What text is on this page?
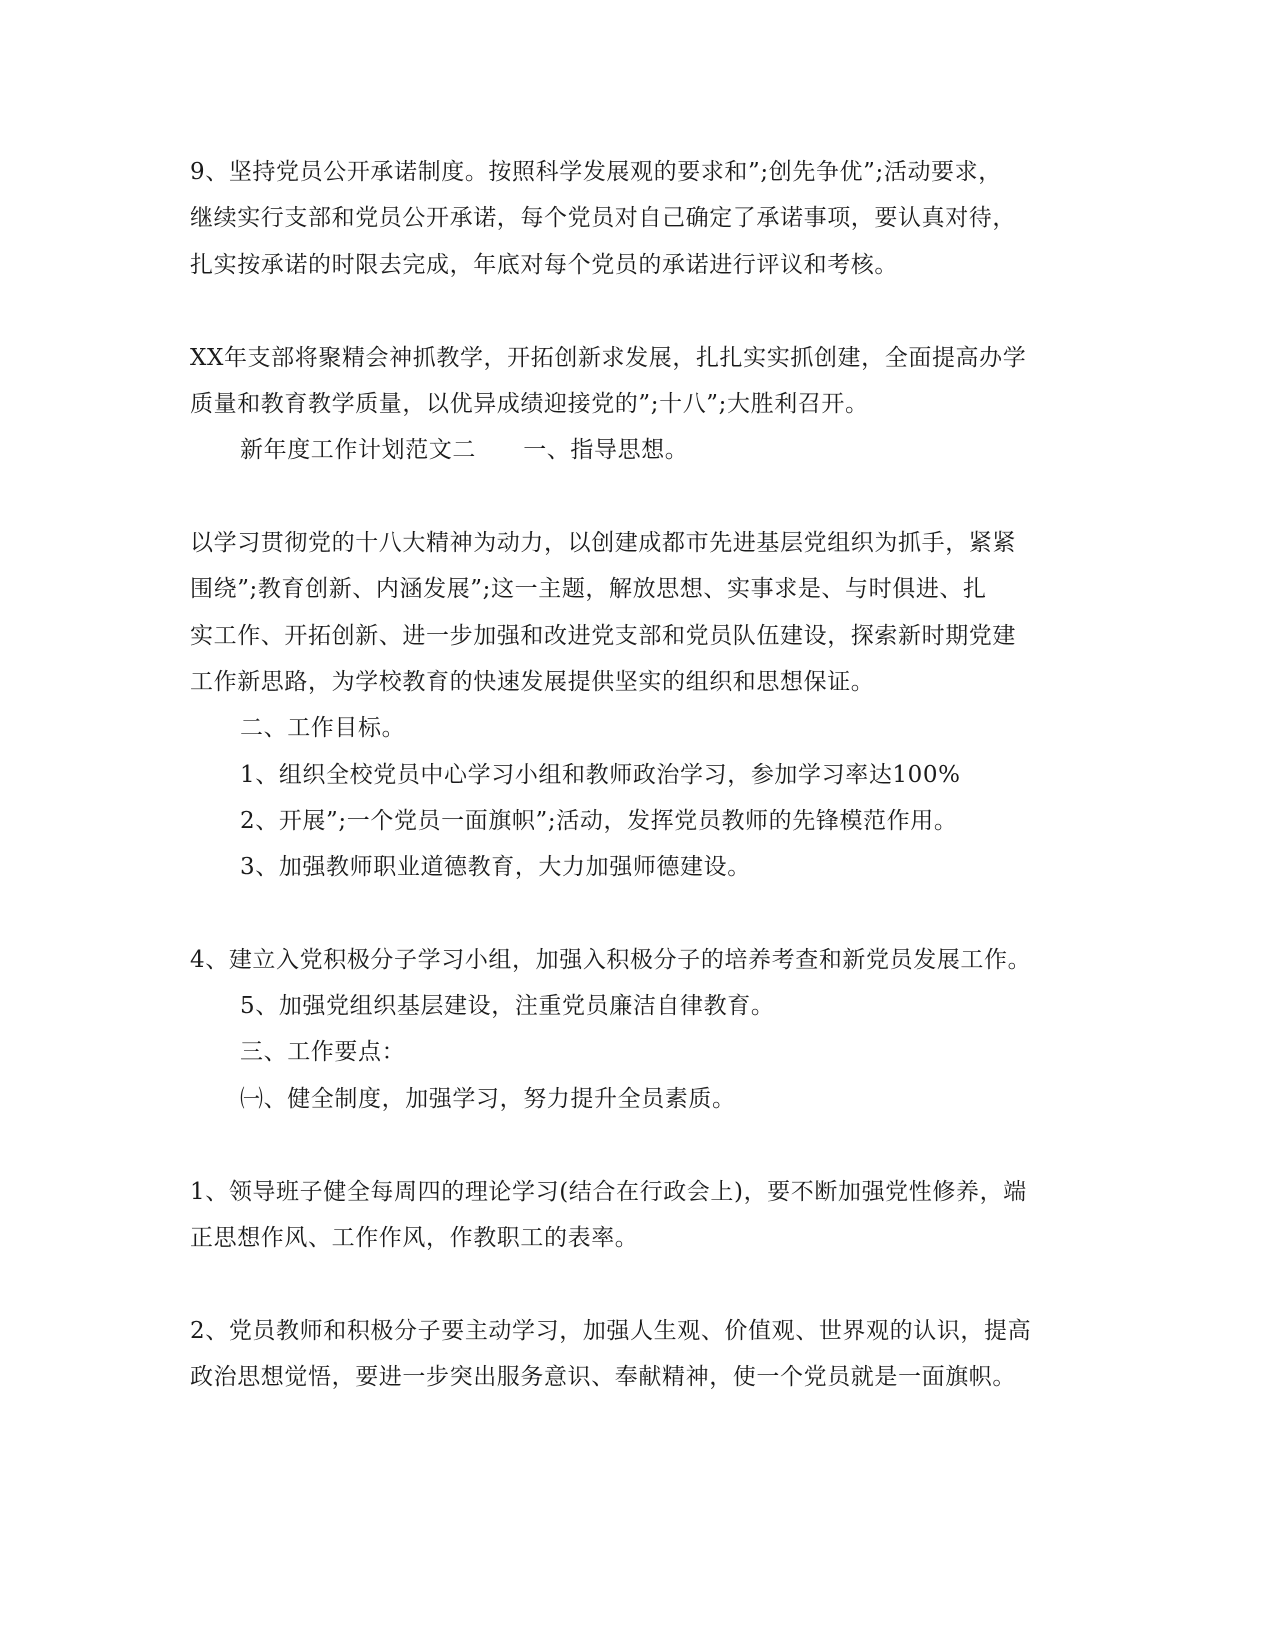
9、坚持党员公开承诺制度。按照科学发展观的要求和”;创先争优”;活动要求，
继续实行支部和党员公开承诺，每个党员对自己确定了承诺事项，要认真对待，
扎实按承诺的时限去完成，年底对每个党员的承诺进行评议和考核。
XX年支部将聚精会神抓教学，开拓创新求发展，扎扎实实抓创建，全面提高办学
质量和教育教学质量，以优异成绩迎接党的”;十八”;大胜利召开。
新年度工作计划范文二　　一、指导思想。
以学习贯彻党的十八大精神为动力，以创建成都市先进基层党组织为抓手，紧紧
围绕”;教育创新、内涵发展”;这一主题，解放思想、实事求是、与时俱进、扎
实工作、开拓创新、进一步加强和改进党支部和党员队伍建设，探索新时期党建
工作新思路，为学校教育的快速发展提供坚实的组织和思想保证。
二、工作目标。
1、组织全校党员中心学习小组和教师政治学习，参加学习率达100%
2、开展”;一个党员一面旗帜”;活动，发挥党员教师的先锋模范作用。
3、加强教师职业道德教育，大力加强师德建设。
4、建立入党积极分子学习小组，加强入积极分子的培养考查和新党员发展工作。
5、加强党组织基层建设，注重党员廉洁自律教育。
三、工作要点：
㈠、健全制度，加强学习，努力提升全员素质。
1、领导班子健全每周四的理论学习(结合在行政会上)，要不断加强党性修养，端
正思想作风、工作作风，作教职工的表率。
2、党员教师和积极分子要主动学习，加强人生观、价值观、世界观的认识，提高
政治思想觉悟，要进一步突出服务意识、奉献精神，使一个党员就是一面旗帜。
